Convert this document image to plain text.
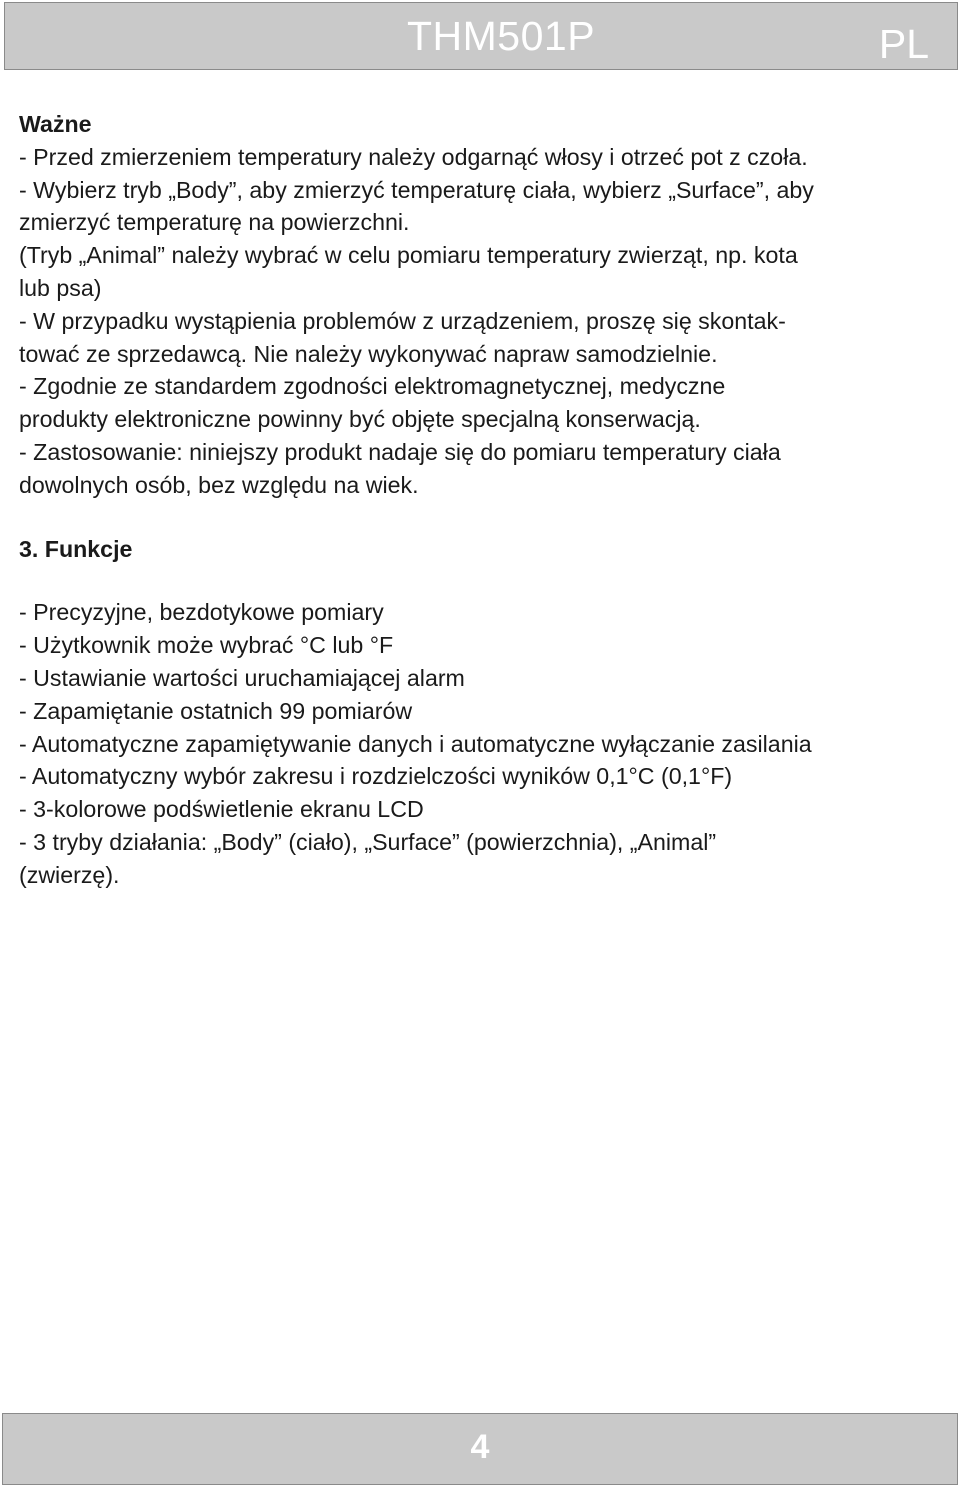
THM501P	PL

Ważne

- Przed zmierzeniem temperatury należy odgarnąć włosy i otrzeć pot z czoła.

- Wybierz tryb „Body”, aby zmierzyć temperaturę ciała, wybierz „Surface”, aby

zmierzyć temperaturę na powierzchni.

(Tryb „Animal” należy wybrać w celu pomiaru temperatury zwierząt, np. kota

lub psa)

- W przypadku wystąpienia problemów z urządzeniem, proszę się skontak-

tować ze sprzedawcą. Nie należy wykonywać napraw samodzielnie.

- Zgodnie ze standardem zgodności elektromagnetycznej, medyczne

produkty elektroniczne powinny być objęte specjalną konserwacją.

- Zastosowanie: niniejszy produkt nadaje się do pomiaru temperatury ciała

dowolnych osób, bez względu na wiek.

3. Funkcje

- Precyzyjne, bezdotykowe pomiary

- Użytkownik może wybrać °C lub °F

- Ustawianie wartości uruchamiającej alarm

- Zapamiętanie ostatnich 99 pomiarów

- Automatyczne zapamiętywanie danych i automatyczne wyłączanie zasilania

- Automatyczny wybór zakresu i rozdzielczości wyników 0,1°C (0,1°F)

- 3-kolorowe podświetlenie ekranu LCD

- 3 tryby działania: „Body” (ciało), „Surface” (powierzchnia), „Animal”

(zwierzę).

4
